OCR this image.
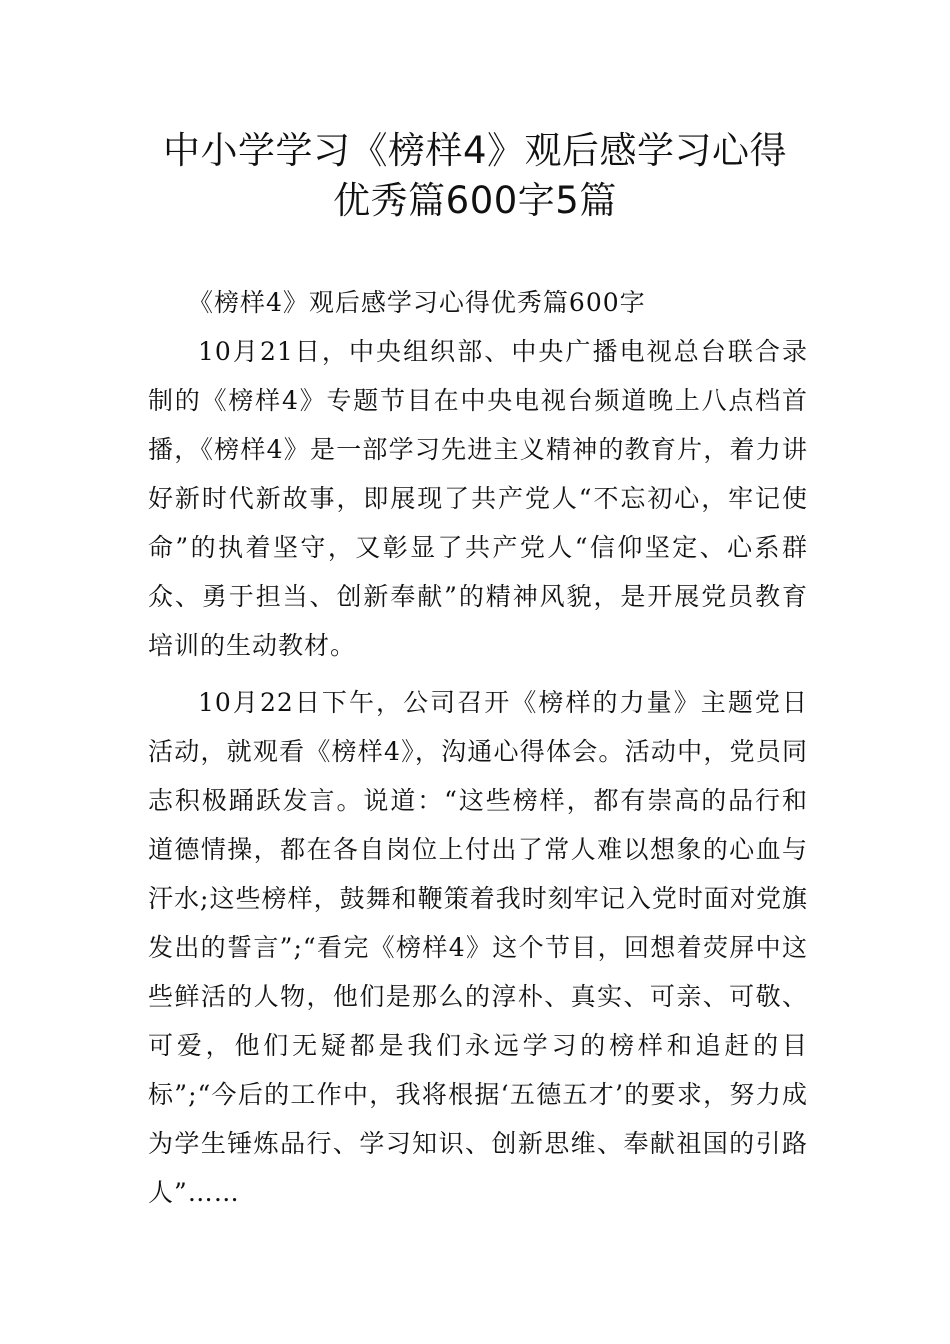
中小学学习《榜样4》观后感学习心得
优秀篇600字5篇

《榜样4》观后感学习心得优秀篇600字

10月21日，中央组织部、中央广播电视总台联合录制的《榜样4》专题节目在中央电视台频道晚上八点档首播，《榜样4》是一部学习先进主义精神的教育片，着力讲好新时代新故事，即展现了共产党人“不忘初心，牢记使命”的执着坚守，又彰显了共产党人“信仰坚定、心系群众、勇于担当、创新奉献”的精神风貌，是开展党员教育培训的生动教材。

10月22日下午，公司召开《榜样的力量》主题党日活动，就观看《榜样4》，沟通心得体会。活动中，党员同志积极踊跃发言。说道：“这些榜样，都有崇高的品行和道德情操，都在各自岗位上付出了常人难以想象的心血与汗水;这些榜样，鼓舞和鞭策着我时刻牢记入党时面对党旗发出的誓言”;“看完《榜样4》这个节目，回想着荧屏中这些鲜活的人物，他们是那么的淳朴、真实、可亲、可敬、可爱，他们无疑都是我们永远学习的榜样和追赶的目标”;“今后的工作中，我将根据‘五德五才’的要求，努力成为学生锤炼品行、学习知识、创新思维、奉献祖国的引路人”……
